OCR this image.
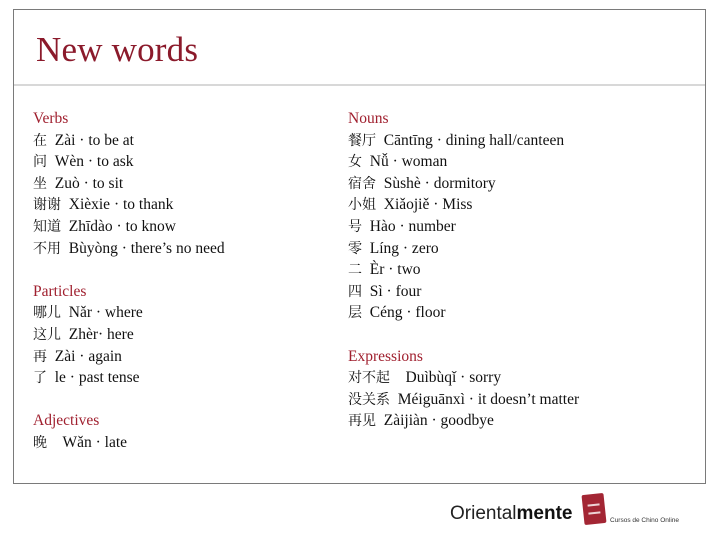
New words
Verbs
在 Zài · to be at
问 Wèn · to ask
坐 Zuò · to sit
谢谢 Xièxie · to thank
知道 Zhīdào · to know
不用 Bùyòng · there’s no need
Particles
哪儿 Nǎr · where
这儿 Zhèr· here
再 Zài · again
了 le · past tense
Adjectives
晚    Wǎn · late
Nouns
餐厅 Cāntīng · dining hall/canteen
女 Nǚ · woman
宿舍 Sùshè · dormitory
小姐 Xiǎojiě · Miss
号 Hào · number
零 Líng · zero
二 Èr · two
四 Sì · four
层 Céng · floor
Expressions
对不起    Duìbùqǐ · sorry
没关系 Méiguānxì · it doesn’t matter
再见 Zàijiàn · goodbye
Orientalmente	Cursos de Chino Online
